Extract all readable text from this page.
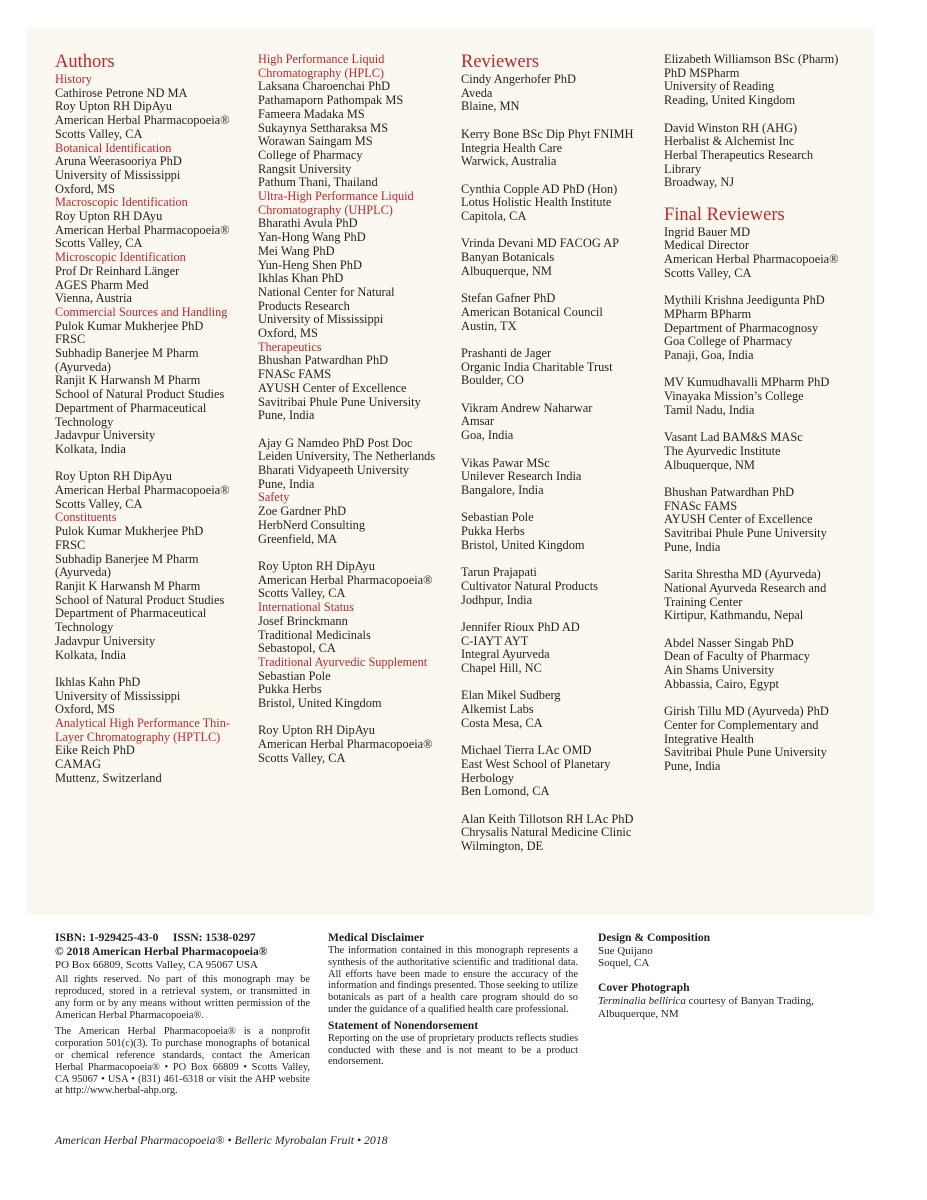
Authors

History

Cathirose Petrone ND MA

Roy Upton RH DipAyu

American Herbal Pharmacopoeia®

Scotts Valley, CA

Botanical Identification

Aruna Weerasooriya PhD

University of Mississippi

Oxford, MS

Macroscopic Identification

Roy Upton RH DAyu

American Herbal Pharmacopoeia®

Scotts Valley, CA

Microscopic Identification

Prof Dr Reinhard Länger

AGES Pharm Med

Vienna, Austria

Commercial Sources and Handling

Pulok Kumar Mukherjee PhD

FRSC

Subhadip Banerjee M Pharm

(Ayurveda)

Ranjit K Harwansh M Pharm

School of Natural Product Studies

Department of Pharmaceutical

Technology

Jadavpur University

Kolkata, India

Roy Upton RH DipAyu

American Herbal Pharmacopoeia®

Scotts Valley, CA

Constituents

Pulok Kumar Mukherjee PhD

FRSC

Subhadip Banerjee M Pharm

(Ayurveda)

Ranjit K Harwansh M Pharm

School of Natural Product Studies

Department of Pharmaceutical

Technology

Jadavpur University

Kolkata, India

Ikhlas Kahn PhD

University of Mississippi

Oxford, MS

Analytical High Performance Thin-Layer Chromatography (HPTLC)

Eike Reich PhD

CAMAG

Muttenz, Switzerland

High Performance Liquid Chromatography (HPLC)

Laksana Charoenchai PhD

Pathamaporn Pathompak MS

Fameera Madaka MS

Sukaynya Settharaksa MS

Worawan Saingam MS

College of Pharmacy

Rangsit University

Pathum Thani, Thailand

Ultra-High Performance Liquid Chromatography (UHPLC)

Bharathi Avula PhD

Yan-Hong Wang PhD

Mei Wang PhD

Yun-Heng Shen PhD

Ikhlas Khan PhD

National Center for Natural

Products Research

University of Mississippi

Oxford, MS

Therapeutics

Bhushan Patwardhan PhD

FNASc FAMS

AYUSH Center of Excellence

Savitribai Phule Pune University

Pune, India

Ajay G Namdeo PhD Post Doc

Leiden University, The Netherlands

Bharati Vidyapeeth University

Pune, India

Safety

Zoe Gardner PhD

HerbNerd Consulting

Greenfield, MA

Roy Upton RH DipAyu

American Herbal Pharmacopoeia®

Scotts Valley, CA

International Status

Josef Brinckmann

Traditional Medicinals

Sebastopol, CA

Traditional Ayurvedic Supplement

Sebastian Pole

Pukka Herbs

Bristol, United Kingdom

Roy Upton RH DipAyu

American Herbal Pharmacopoeia®

Scotts Valley, CA

Reviewers

Cindy Angerhofer PhD

Aveda

Blaine, MN

Kerry Bone BSc Dip Phyt FNIMH

Integria Health Care

Warwick, Australia

Cynthia Copple AD PhD (Hon)

Lotus Holistic Health Institute

Capitola, CA

Vrinda Devani MD FACOG AP

Banyan Botanicals

Albuquerque, NM

Stefan Gafner PhD

American Botanical Council

Austin, TX

Prashanti de Jager

Organic India Charitable Trust

Boulder, CO

Vikram Andrew Naharwar

Amsar

Goa, India

Vikas Pawar MSc

Unilever Research India

Bangalore, India

Sebastian Pole

Pukka Herbs

Bristol, United Kingdom

Tarun Prajapati

Cultivator Natural Products

Jodhpur, India

Jennifer Rioux PhD AD

C-IAYT AYT

Integral Ayurveda

Chapel Hill, NC

Elan Mikel Sudberg

Alkemist Labs

Costa Mesa, CA

Michael Tierra LAc OMD

East West School of Planetary

Herbology

Ben Lomond, CA

Alan Keith Tillotson RH LAc PhD

Chrysalis Natural Medicine Clinic

Wilmington, DE

Elizabeth Williamson BSc (Pharm)

PhD MSPharm

University of Reading

Reading, United Kingdom

David Winston RH (AHG)

Herbalist & Alchemist Inc

Herbal Therapeutics Research

Library

Broadway, NJ

Final Reviewers

Ingrid Bauer MD

Medical Director

American Herbal Pharmacopoeia®

Scotts Valley, CA

Mythili Krishna Jeedigunta PhD

MPharm BPharm

Department of Pharmacognosy

Goa College of Pharmacy

Panaji, Goa, India

MV Kumudhavalli MPharm PhD

Vinayaka Mission’s College

Tamil Nadu, India

Vasant Lad BAM&S MASc

The Ayurvedic Institute

Albuquerque, NM

Bhushan Patwardhan PhD

FNASc FAMS

AYUSH Center of Excellence

Savitribai Phule Pune University

Pune, India

Sarita Shrestha MD (Ayurveda)

National Ayurveda Research and

Training Center

Kirtipur, Kathmandu, Nepal

Abdel Nasser Singab PhD

Dean of Faculty of Pharmacy

Ain Shams University

Abbassia, Cairo, Egypt

Girish Tillu MD (Ayurveda) PhD

Center for Complementary and

Integrative Health

Savitribai Phule Pune University

Pune, India

ISBN: 1-929425-43-0 ISSN: 1538-0297

© 2018 American Herbal Pharmacopoeia®

PO Box 66809, Scotts Valley, CA 95067 USA

All rights reserved. No part of this monograph may be reproduced, stored in a retrieval system, or transmitted in any form or by any means without written permission of the American Herbal Pharmacopoeia®.

The American Herbal Pharmacopoeia® is a nonprofit corporation 501(c)(3). To purchase monographs of botanical or chemical reference standards, contact the American Herbal Pharmacopoeia® • PO Box 66809 • Scotts Valley, CA 95067 • USA • (831) 461-6318 or visit the AHP website at http://www.herbal-ahp.org.

Medical Disclaimer

The information contained in this monograph represents a synthesis of the authoritative scientific and traditional data. All efforts have been made to ensure the accuracy of the information and findings presented. Those seeking to utilize botanicals as part of a health care program should do so under the guidance of a qualified health care professional.

Statement of Nonendorsement

Reporting on the use of proprietary products reflects studies conducted with these and is not meant to be a product endorsement.

Design & Composition

Sue Quijano

Soquel, CA

Cover Photograph

Terminalia bellirica courtesy of Banyan Trading,

Albuquerque, NM

American Herbal Pharmacopoeia® • Belleric Myrobalan Fruit • 2018
